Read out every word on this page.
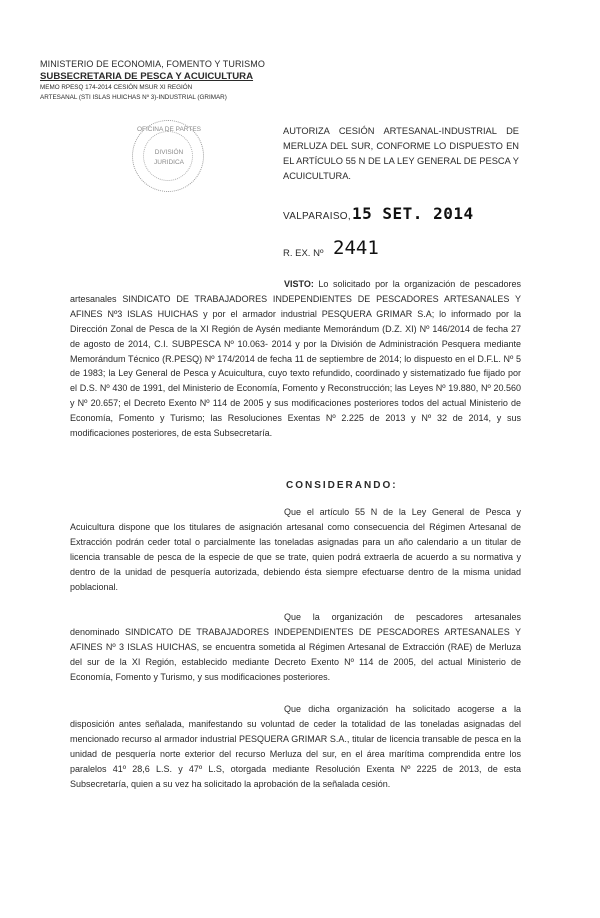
MINISTERIO DE ECONOMIA, FOMENTO Y TURISMO
SUBSECRETARIA DE PESCA Y ACUICULTURA
MEMO RPESQ 174-2014 CESIÓN MSUR XI REGIÓN
ARTESANAL (STI ISLAS HUICHAS Nº 3)-INDUSTRIAL (GRIMAR)
OFICINA DE PARTES
DIVISIÓN
JURIDICA
AUTORIZA CESIÓN ARTESANAL-INDUSTRIAL DE MERLUZA DEL SUR, CONFORME LO DISPUESTO EN EL ARTÍCULO 55 N DE LA LEY GENERAL DE PESCA Y ACUICULTURA.
VALPARAISO, 15 SET. 2014
R. EX. Nº 2441
VISTO: Lo solicitado por la organización de pescadores artesanales SINDICATO DE TRABAJADORES INDEPENDIENTES DE PESCADORES ARTESANALES Y AFINES Nº3 ISLAS HUICHAS y por el armador industrial PESQUERA GRIMAR S.A; lo informado por la Dirección Zonal de Pesca de la XI Región de Aysén mediante Memorándum (D.Z. XI) Nº 146/2014 de fecha 27 de agosto de 2014, C.I. SUBPESCA Nº 10.063- 2014 y por la División de Administración Pesquera mediante Memorándum Técnico (R.PESQ) Nº 174/2014 de fecha 11 de septiembre de 2014; lo dispuesto en el D.F.L. Nº 5 de 1983; la Ley General de Pesca y Acuicultura, cuyo texto refundido, coordinado y sistematizado fue fijado por el D.S. Nº 430 de 1991, del Ministerio de Economía, Fomento y Reconstrucción; las Leyes Nº 19.880, Nº 20.560 y Nº 20.657; el Decreto Exento Nº 114 de 2005 y sus modificaciones posteriores todos del actual Ministerio de Economía, Fomento y Turismo; las Resoluciones Exentas Nº 2.225 de 2013 y Nº 32 de 2014, y sus modificaciones posteriores, de esta Subsecretaría.
CONSIDERANDO:
Que el artículo 55 N de la Ley General de Pesca y Acuicultura dispone que los titulares de asignación artesanal como consecuencia del Régimen Artesanal de Extracción podrán ceder total o parcialmente las toneladas asignadas para un año calendario a un titular de licencia transable de pesca de la especie de que se trate, quien podrá extraerla de acuerdo a su normativa y dentro de la unidad de pesquería autorizada, debiendo ésta siempre efectuarse dentro de la misma unidad poblacional.
Que la organización de pescadores artesanales denominado SINDICATO DE TRABAJADORES INDEPENDIENTES DE PESCADORES ARTESANALES Y AFINES Nº 3 ISLAS HUICHAS, se encuentra sometida al Régimen Artesanal de Extracción (RAE) de Merluza del sur de la XI Región, establecido mediante Decreto Exento Nº 114 de 2005, del actual Ministerio de Economía, Fomento y Turismo, y sus modificaciones posteriores.
Que dicha organización ha solicitado acogerse a la disposición antes señalada, manifestando su voluntad de ceder la totalidad de las toneladas asignadas del mencionado recurso al armador industrial PESQUERA GRIMAR S.A., titular de licencia transable de pesca en la unidad de pesquería norte exterior del recurso Merluza del sur, en el área marítima comprendida entre los paralelos 41º 28,6 L.S. y 47º L.S, otorgada mediante Resolución Exenta Nº 2225 de 2013, de esta Subsecretaría, quien a su vez ha solicitado la aprobación de la señalada cesión.
